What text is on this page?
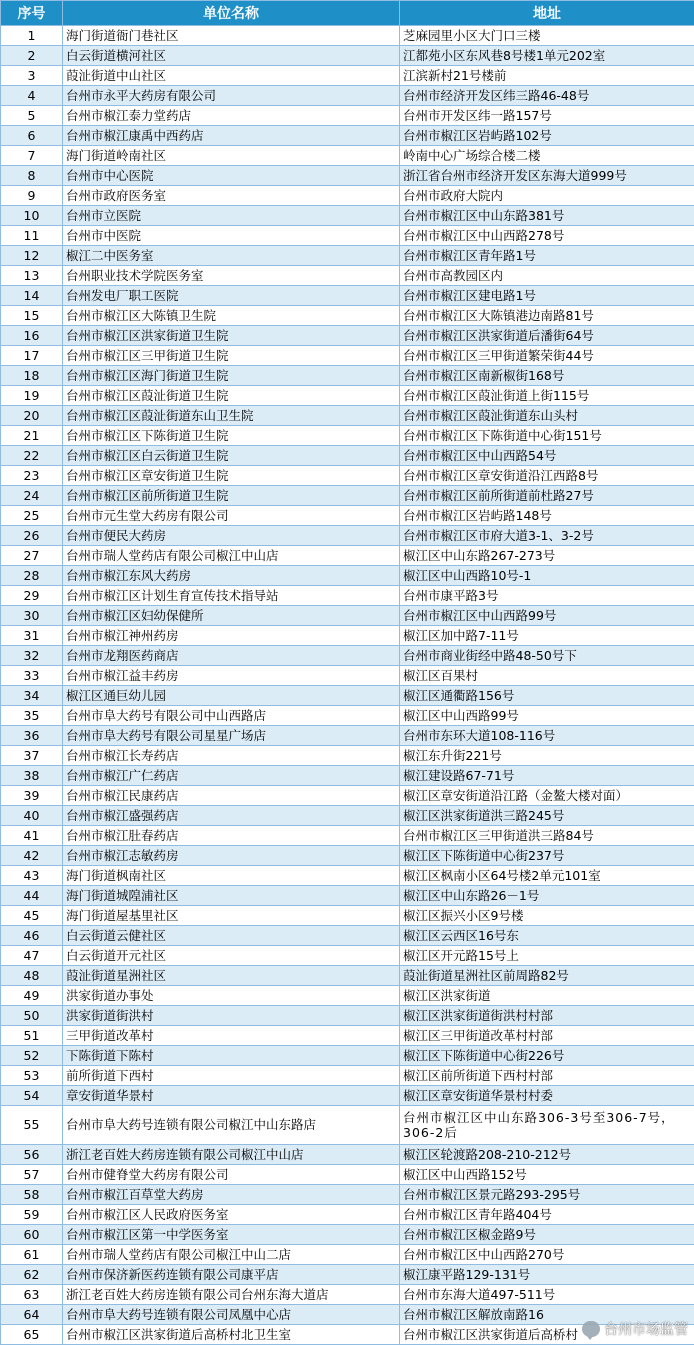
序号	单位名称	地址
1	海门街道衙门巷社区	芝麻园里小区大门口三楼
2	白云街道横河社区	江都苑小区东风巷8号楼1单元202室
3	葭沚街道中山社区	江滨新村21号楼前
4	台州市永平大药房有限公司	台州市经济开发区纬三路46-48号
5	台州市椒江泰力堂药店	台州市开发区纬一路157号
6	台州市椒江康禹中西药店	台州市椒江区岩屿路102号
7	海门街道岭南社区	岭南中心广场综合楼二楼
8	台州市中心医院	浙江省台州市经济开发区东海大道999号
9	台州市政府医务室	台州市政府大院内
10	台州市立医院	台州市椒江区中山东路381号
11	台州市中医院	台州市椒江区中山西路278号
12	椒江二中医务室	台州市椒江区青年路1号
13	台州职业技术学院医务室	台州市高教园区内
14	台州发电厂职工医院	台州市椒江区建电路1号
15	台州市椒江区大陈镇卫生院	台州市椒江区大陈镇港边南路81号
16	台州市椒江区洪家街道卫生院	台州市椒江区洪家街道后潘街64号
17	台州市椒江区三甲街道卫生院	台州市椒江区三甲街道繁荣街44号
18	台州市椒江区海门街道卫生院	台州市椒江区南新椒街168号
19	台州市椒江区葭沚街道卫生院	台州市椒江区葭沚街道上街115号
20	台州市椒江区葭沚街道东山卫生院	台州市椒江区葭沚街道东山头村
21	台州市椒江区下陈街道卫生院	台州市椒江区下陈街道中心街151号
22	台州市椒江区白云街道卫生院	台州市椒江区中山西路54号
23	台州市椒江区章安街道卫生院	台州市椒江区章安街道沿江西路8号
24	台州市椒江区前所街道卫生院	台州市椒江区前所街道前杜路27号
25	台州市元生堂大药房有限公司	台州市椒江区岩屿路148号
26	台州市便民大药房	台州市椒江区市府大道3-1、3-2号
27	台州市瑞人堂药店有限公司椒江中山店	椒江区中山东路267-273号
28	台州市椒江东风大药房	椒江区中山西路10号-1
29	台州市椒江区计划生育宣传技术指导站	台州市康平路3号
30	台州市椒江区妇幼保健所	台州市椒江区中山西路99号
31	台州市椒江神州药房	椒江区加中路7-11号
32	台州市龙翔医药商店	台州市商业街经中路48-50号下
33	台州市椒江益丰药房	椒江区百果村
34	椒江区通巨幼儿园	椒江区通衢路156号
35	台州市阜大药号有限公司中山西路店	椒江区中山西路99号
36	台州市阜大药号有限公司星星广场店	台州市东环大道108-116号
37	台州市椒江长寿药店	椒江东升街221号
38	台州市椒江广仁药店	椒江建设路67-71号
39	台州市椒江民康药店	椒江区章安街道沿江路（金鳌大楼对面）
40	台州市椒江盛强药店	椒江区洪家街道洪三路245号
41	台州市椒江肚春药店	台州市椒江区三甲街道洪三路84号
42	台州市椒江志敏药房	椒江区下陈街道中心街237号
43	海门街道枫南社区	椒江区枫南小区64号楼2单元101室
44	海门街道城隍浦社区	椒江区中山东路26－1号
45	海门街道屋基里社区	椒江区振兴小区9号楼
46	白云街道云健社区	椒江区云西区16号东
47	白云街道开元社区	椒江区开元路15号上
48	葭沚街道星洲社区	葭沚街道星洲社区前周路82号
49	洪家街道办事处	椒江区洪家街道
50	洪家街道街洪村	椒江区洪家街道街洪村村部
51	三甲街道改革村	椒江区三甲街道改革村村部
52	下陈街道下陈村	椒江区下陈街道中心街226号
53	前所街道下西村	椒江区前所街道下西村村部
54	章安街道华景村	椒江区章安街道华景村村委
55	台州市阜大药号连锁有限公司椒江中山东路店	台州市椒江区中山东路306-3号至306-7号，306-2后
56	浙江老百姓大药房连锁有限公司椒江中山店	椒江区轮渡路208-210-212号
57	台州市健脊堂大药房有限公司	椒江区中山西路152号
58	台州市椒江百草堂大药房	台州市椒江区景元路293-295号
59	台州市椒江区人民政府医务室	台州市椒江区青年路404号
60	台州市椒江区第一中学医务室	台州市椒江区椒金路9号
61	台州市瑞人堂药店有限公司椒江中山二店	台州市椒江区中山西路270号
62	台州市保济新医药连锁有限公司康平店	椒江康平路129-131号
63	浙江老百姓大药房连锁有限公司台州东海大道店	台州市东海大道497-511号
64	台州市阜大药号连锁有限公司凤凰中心店	台州市椒江区解放南路16
65	台州市椒江区洪家街道后高桥村北卫生室	台州市椒江区洪家街道后高桥村 台州市场监管
